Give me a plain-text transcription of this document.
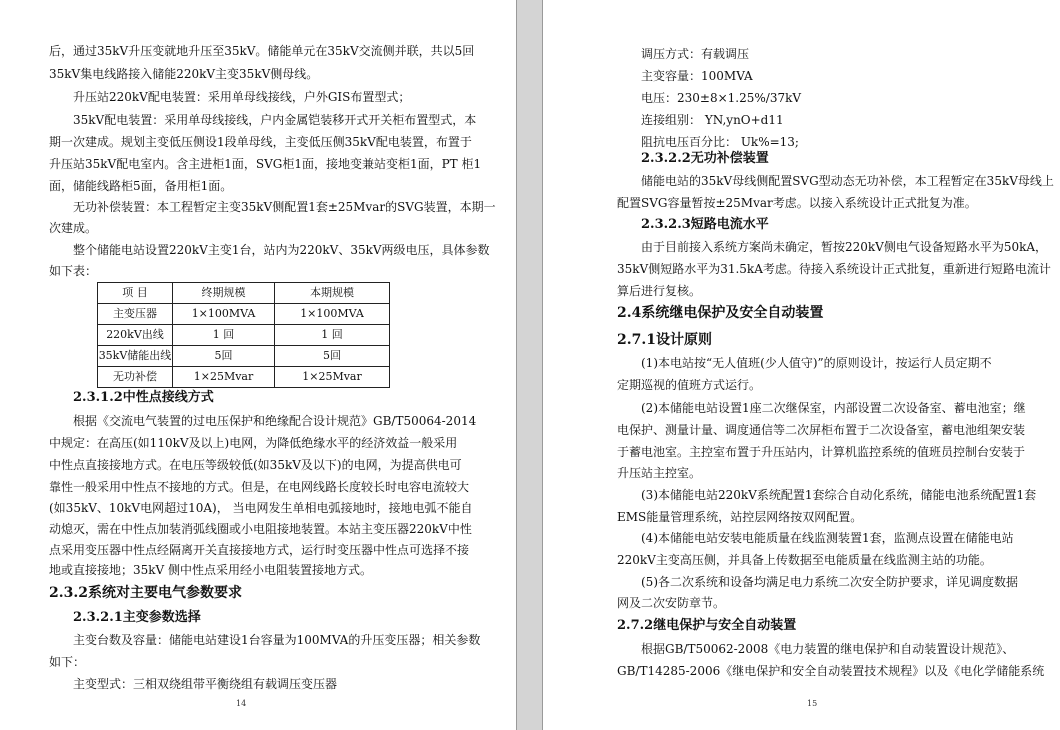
后，通过35kV升压变就地升压至35kV。储能单元在35kV交流侧并联，共以5回
35kV集电线路接入储能220kV主变35kV侧母线。
升压站220kV配电装置：采用单母线接线，户外GIS布置型式；
35kV配电装置：采用单母线接线，户内金属铠装移开式开关柜布置型式，本
期一次建成。规划主变低压侧设1段单母线，主变低压侧35kV配电装置，布置于
升压站35kV配电室内。含主进柜1面，SVG柜1面，接地变兼站变柜1面，PT 柜1
面，储能线路柜5面，备用柜1面。
无功补偿装置：本工程暂定主变35kV侧配置1套±25Mvar的SVG装置，本期一
次建成。
整个储能电站设置220kV主变1台，站内为220kV、35kV两级电压，具体参数
如下表：
项 目	终期规模	本期规模
主变压器	1×100MVA	1×100MVA
220kV出线	1 回	1 回
35kV储能出线	5回	5回
无功补偿	1×25Mvar	1×25Mvar
2.3.1.2中性点接线方式
根据《交流电气装置的过电压保护和绝缘配合设计规范》GB/T50064-2014
中规定：在高压(如110kV及以上)电网，为降低绝缘水平的经济效益一般采用
中性点直接接地方式。在电压等级较低(如35kV及以下)的电网，为提高供电可
靠性一般采用中性点不接地的方式。但是，在电网线路长度较长时电容电流较大
(如35kV、10kV电网超过10A)， 当电网发生单相电弧接地时，接地电弧不能自
动熄灭，需在中性点加装消弧线圈或小电阻接地装置。本站主变压器220kV中性
点采用变压器中性点经隔离开关直接接地方式，运行时变压器中性点可选择不接
地或直接接地；35kV 侧中性点采用经小电阻装置接地方式。
2.3.2系统对主要电气参数要求
2.3.2.1主变参数选择
主变台数及容量：储能电站建设1台容量为100MVA的升压变压器；相关参数
如下：
主变型式：三相双绕组带平衡绕组有载调压变压器
14
调压方式：有载调压
主变容量：100MVA
电压：230±8×1.25%/37kV
连接组别： YN,ynO+d11
阻抗电压百分比： Uk%=13;
2.3.2.2无功补偿装置
储能电站的35kV母线侧配置SVG型动态无功补偿，本工程暂定在35kV母线上
配置SVG容量暂按±25Mvar考虑。以接入系统设计正式批复为准。
2.3.2.3短路电流水平
由于目前接入系统方案尚未确定，暂按220kV侧电气设备短路水平为50kA，
35kV侧短路水平为31.5kA考虑。待接入系统设计正式批复，重新进行短路电流计
算后进行复核。
2.4系统继电保护及安全自动装置
2.7.1设计原则
(1)本电站按“无人值班(少人值守)”的原则设计，按运行人员定期不
定期巡视的值班方式运行。
(2)本储能电站设置1座二次继保室，内部设置二次设备室、蓄电池室；继
电保护、测量计量、调度通信等二次屏柜布置于二次设备室，蓄电池组架安装
于蓄电池室。主控室布置于升压站内，计算机监控系统的值班员控制台安装于
升压站主控室。
(3)本储能电站220kV系统配置1套综合自动化系统，储能电池系统配置1套
EMS能量管理系统，站控层网络按双网配置。
(4)本储能电站安装电能质量在线监测装置1套，监测点设置在储能电站
220kV主变高压侧，并具备上传数据至电能质量在线监测主站的功能。
(5)各二次系统和设备均满足电力系统二次安全防护要求，详见调度数据
网及二次安防章节。
2.7.2继电保护与安全自动装置
根据GB/T50062-2008《电力装置的继电保护和自动装置设计规范》、
GB/T14285-2006《继电保护和安全自动装置技术规程》以及《电化学储能系统
15
